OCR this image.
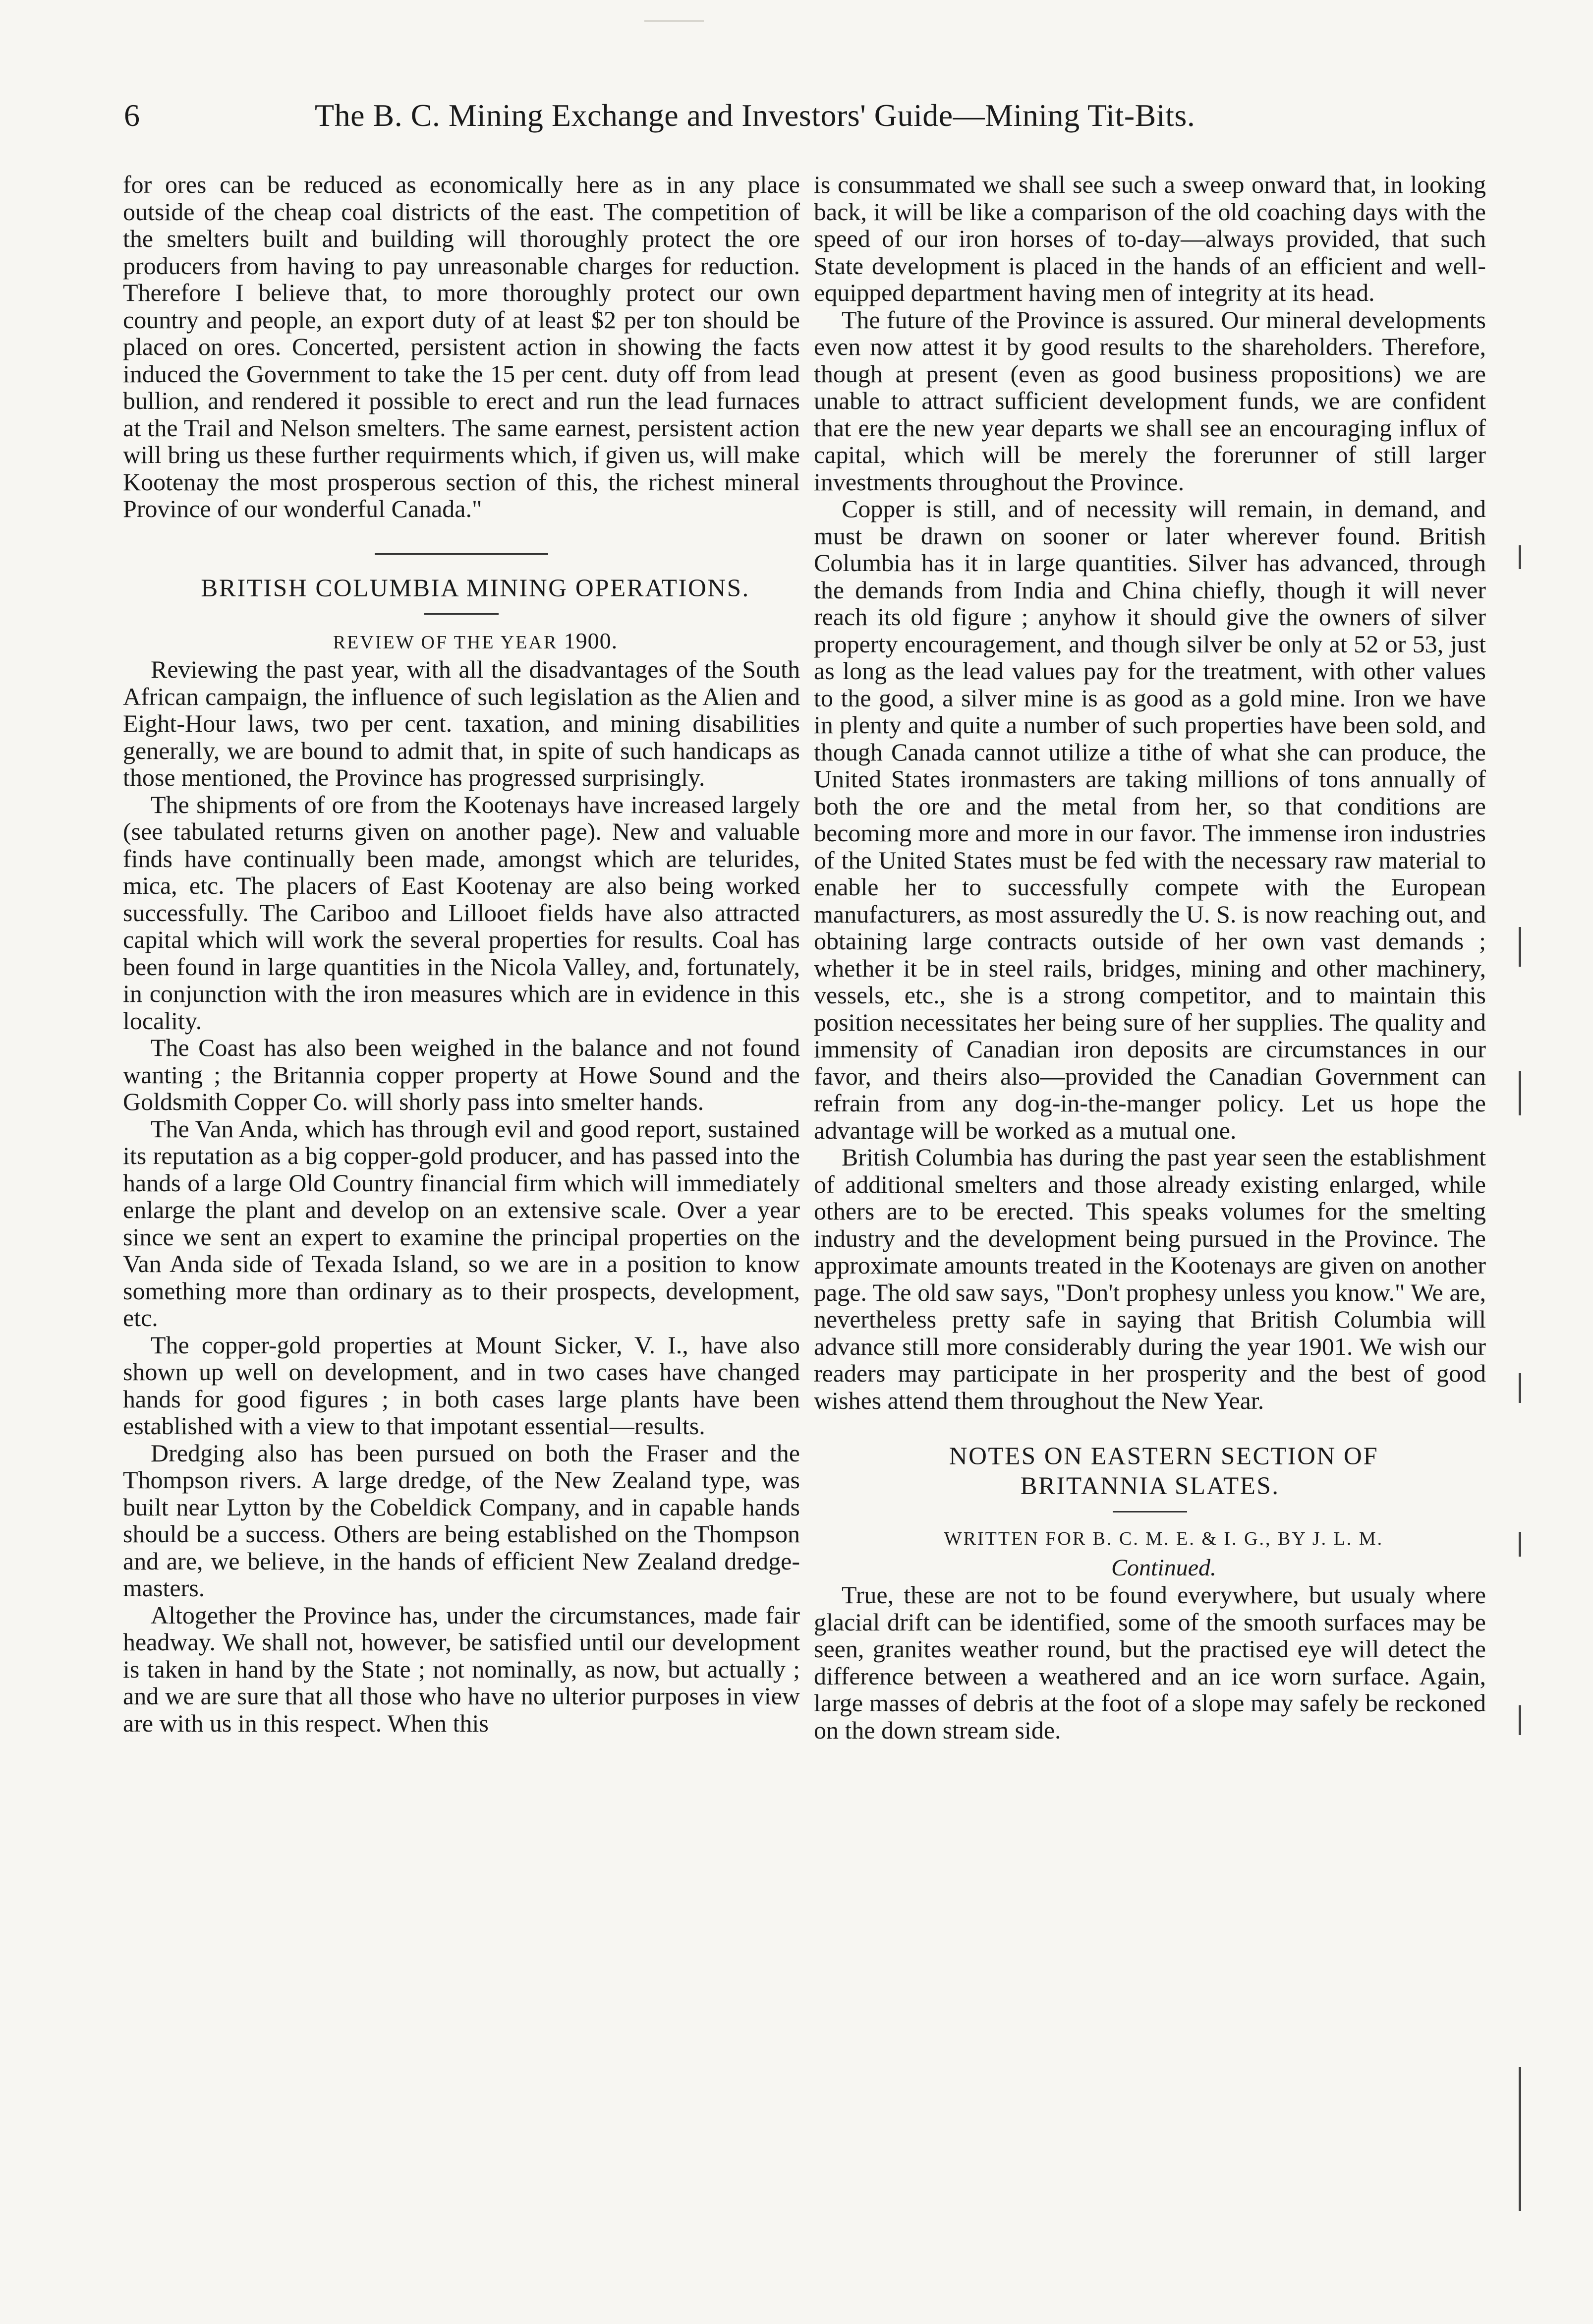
6	The B. C. Mining Exchange and Investors' Guide—Mining Tit-Bits.

for ores can be reduced as economically here as in any place outside of the cheap coal districts of the east. The competition of the smelters built and building will thoroughly protect the ore producers from having to pay unreasonable charges for reduction. Therefore I believe that, to more thoroughly protect our own country and people, an export duty of at least $2 per ton should be placed on ores. Concerted, persistent action in showing the facts induced the Government to take the 15 per cent. duty off from lead bullion, and rendered it possible to erect and run the lead furnaces at the Trail and Nelson smelters. The same earnest, persistent action will bring us these further requirments which, if given us, will make Kootenay the most prosperous section of this, the richest mineral Province of our wonderful Canada."

BRITISH COLUMBIA MINING OPERATIONS.

REVIEW OF THE YEAR 1900.

Reviewing the past year, with all the disadvantages of the South African campaign, the influence of such legislation as the Alien and Eight-Hour laws, two per cent. taxation, and mining disabilities generally, we are bound to admit that, in spite of such handicaps as those mentioned, the Province has progressed surprisingly.

The shipments of ore from the Kootenays have increased largely (see tabulated returns given on another page). New and valuable finds have continually been made, amongst which are telurides, mica, etc. The placers of East Kootenay are also being worked successfully. The Cariboo and Lillooet fields have also attracted capital which will work the several properties for results. Coal has been found in large quantities in the Nicola Valley, and, fortunately, in conjunction with the iron measures which are in evidence in this locality.

The Coast has also been weighed in the balance and not found wanting ; the Britannia copper property at Howe Sound and the Goldsmith Copper Co. will shorly pass into smelter hands.

The Van Anda, which has through evil and good report, sustained its reputation as a big copper-gold producer, and has passed into the hands of a large Old Country financial firm which will immediately enlarge the plant and develop on an extensive scale. Over a year since we sent an expert to examine the principal properties on the Van Anda side of Texada Island, so we are in a position to know something more than ordinary as to their prospects, development, etc.

The copper-gold properties at Mount Sicker, V. I., have also shown up well on development, and in two cases have changed hands for good figures ; in both cases large plants have been established with a view to that impotant essential—results.

Dredging also has been pursued on both the Fraser and the Thompson rivers. A large dredge, of the New Zealand type, was built near Lytton by the Cobeldick Company, and in capable hands should be a success. Others are being established on the Thompson and are, we believe, in the hands of efficient New Zealand dredge-masters.

Altogether the Province has, under the circumstances, made fair headway. We shall not, however, be satisfied until our development is taken in hand by the State ; not nominally, as now, but actually ; and we are sure that all those who have no ulterior purposes in view are with us in this respect. When this

is consummated we shall see such a sweep onward that, in looking back, it will be like a comparison of the old coaching days with the speed of our iron horses of to-day—always provided, that such State development is placed in the hands of an efficient and well-equipped department having men of integrity at its head.

The future of the Province is assured. Our mineral developments even now attest it by good results to the shareholders. Therefore, though at present (even as good business propositions) we are unable to attract sufficient development funds, we are confident that ere the new year departs we shall see an encouraging influx of capital, which will be merely the forerunner of still larger investments throughout the Province.

Copper is still, and of necessity will remain, in demand, and must be drawn on sooner or later wherever found. British Columbia has it in large quantities. Silver has advanced, through the demands from India and China chiefly, though it will never reach its old figure ; anyhow it should give the owners of silver property encouragement, and though silver be only at 52 or 53, just as long as the lead values pay for the treatment, with other values to the good, a silver mine is as good as a gold mine. Iron we have in plenty and quite a number of such properties have been sold, and though Canada cannot utilize a tithe of what she can produce, the United States ironmasters are taking millions of tons annually of both the ore and the metal from her, so that conditions are becoming more and more in our favor. The immense iron industries of the United States must be fed with the necessary raw material to enable her to successfully compete with the European manufacturers, as most assuredly the U. S. is now reaching out, and obtaining large contracts outside of her own vast demands ; whether it be in steel rails, bridges, mining and other machinery, vessels, etc., she is a strong competitor, and to maintain this position necessitates her being sure of her supplies. The quality and immensity of Canadian iron deposits are circumstances in our favor, and theirs also—provided the Canadian Government can refrain from any dog-in-the-manger policy. Let us hope the advantage will be worked as a mutual one.

British Columbia has during the past year seen the establishment of additional smelters and those already existing enlarged, while others are to be erected. This speaks volumes for the smelting industry and the development being pursued in the Province. The approximate amounts treated in the Kootenays are given on another page. The old saw says, "Don't prophesy unless you know." We are, nevertheless pretty safe in saying that British Columbia will advance still more considerably during the year 1901. We wish our readers may participate in her prosperity and the best of good wishes attend them throughout the New Year.

NOTES ON EASTERN SECTION OF
BRITANNIA SLATES.

WRITTEN FOR B. C. M. E. & I. G., BY J. L. M.

Continued.

True, these are not to be found everywhere, but usualy where glacial drift can be identified, some of the smooth surfaces may be seen, granites weather round, but the practised eye will detect the difference between a weathered and an ice worn surface. Again, large masses of debris at the foot of a slope may safely be reckoned on the down stream side.
